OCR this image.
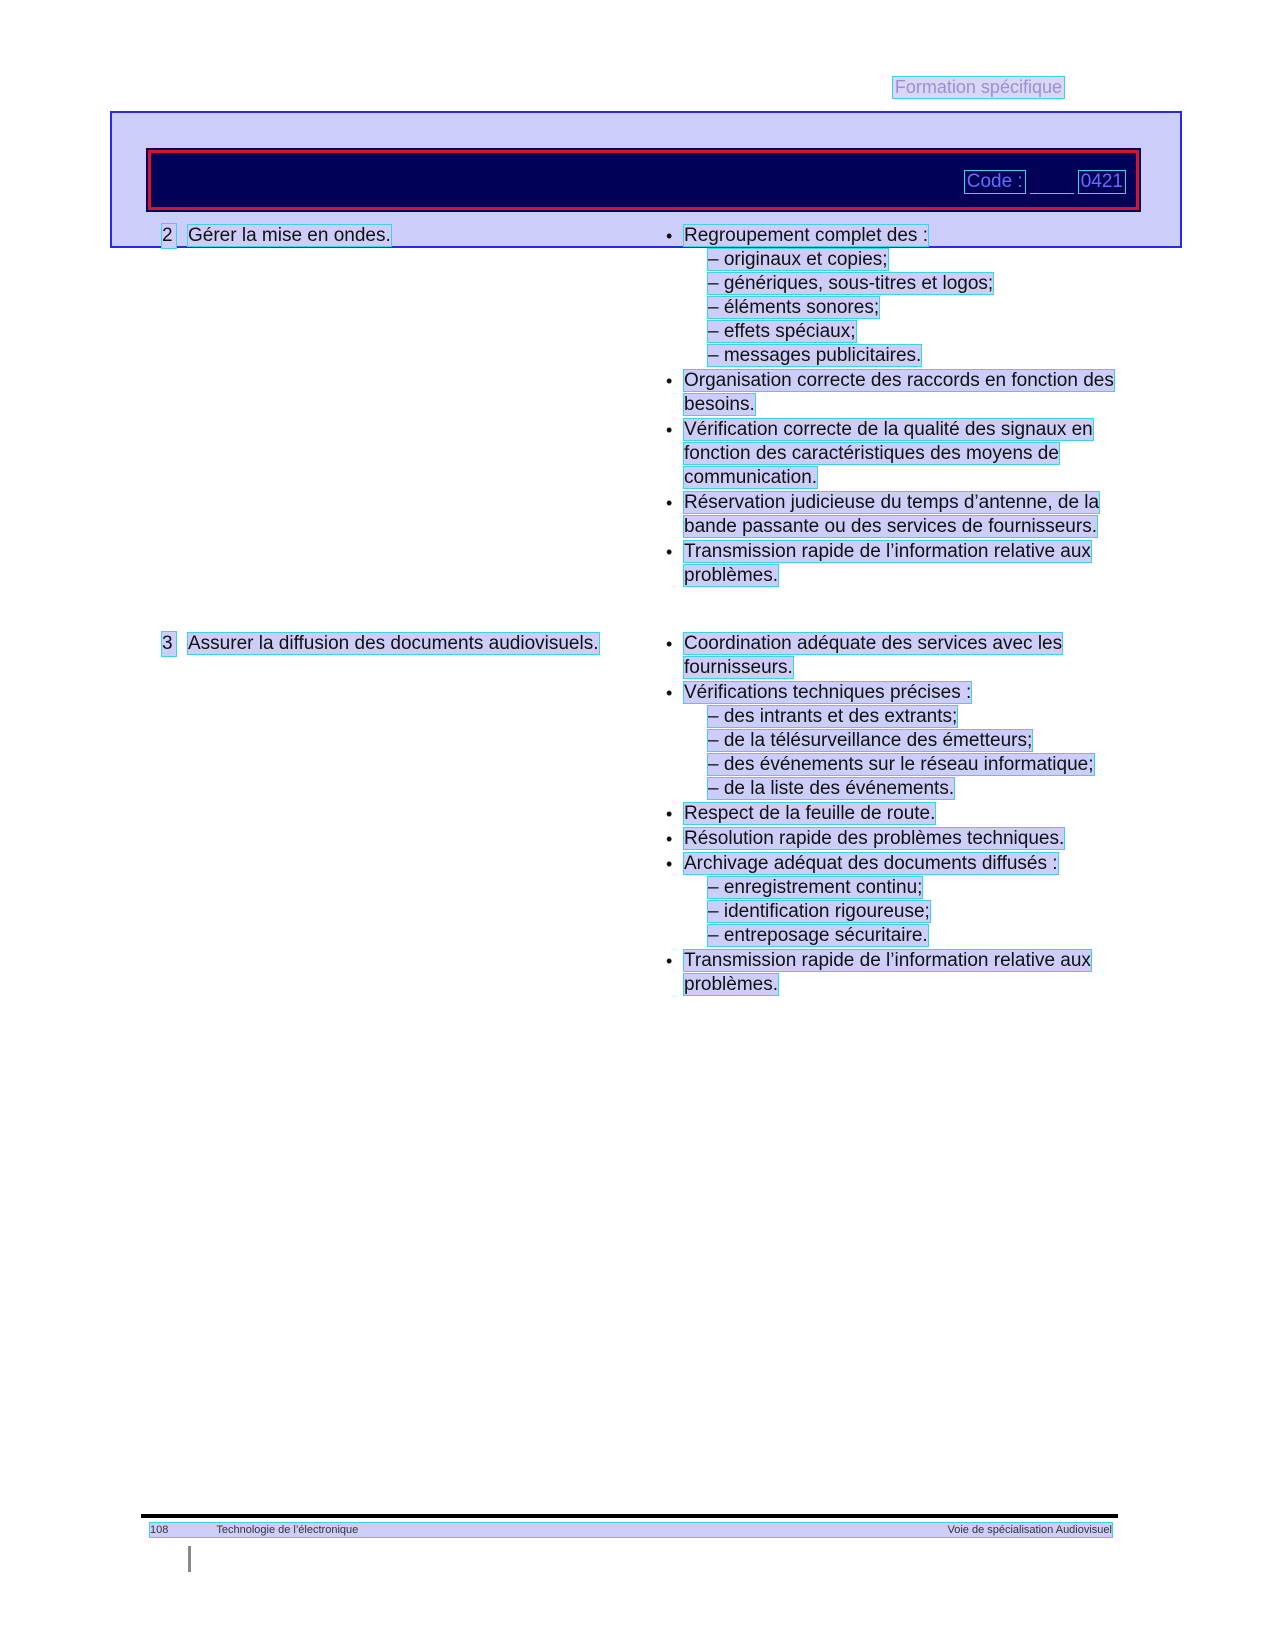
Formation spécifique
Code :	0421
2 Gérer la mise en ondes.	• Regroupement complet des :
– originaux et copies;
– génériques, sous-titres et logos;
– éléments sonores;
– effets spéciaux;
– messages publicitaires.
• Organisation correcte des raccords en fonction des besoins.
• Vérification correcte de la qualité des signaux en fonction des caractéristiques des moyens de communication.
• Réservation judicieuse du temps d’antenne, de la bande passante ou des services de fournisseurs.
• Transmission rapide de l’information relative aux problèmes.
3 Assurer la diffusion des documents audiovisuels.	• Coordination adéquate des services avec les fournisseurs.
• Vérifications techniques précises :
– des intrants et des extrants;
– de la télésurveillance des émetteurs;
– des événements sur le réseau informatique;
– de la liste des événements.
• Respect de la feuille de route.
• Résolution rapide des problèmes techniques.
• Archivage adéquat des documents diffusés :
– enregistrement continu;
– identification rigoureuse;
– entreposage sécuritaire.
• Transmission rapide de l’information relative aux problèmes.
108	Technologie de l’électronique	Voie de spécialisation Audiovisuel
